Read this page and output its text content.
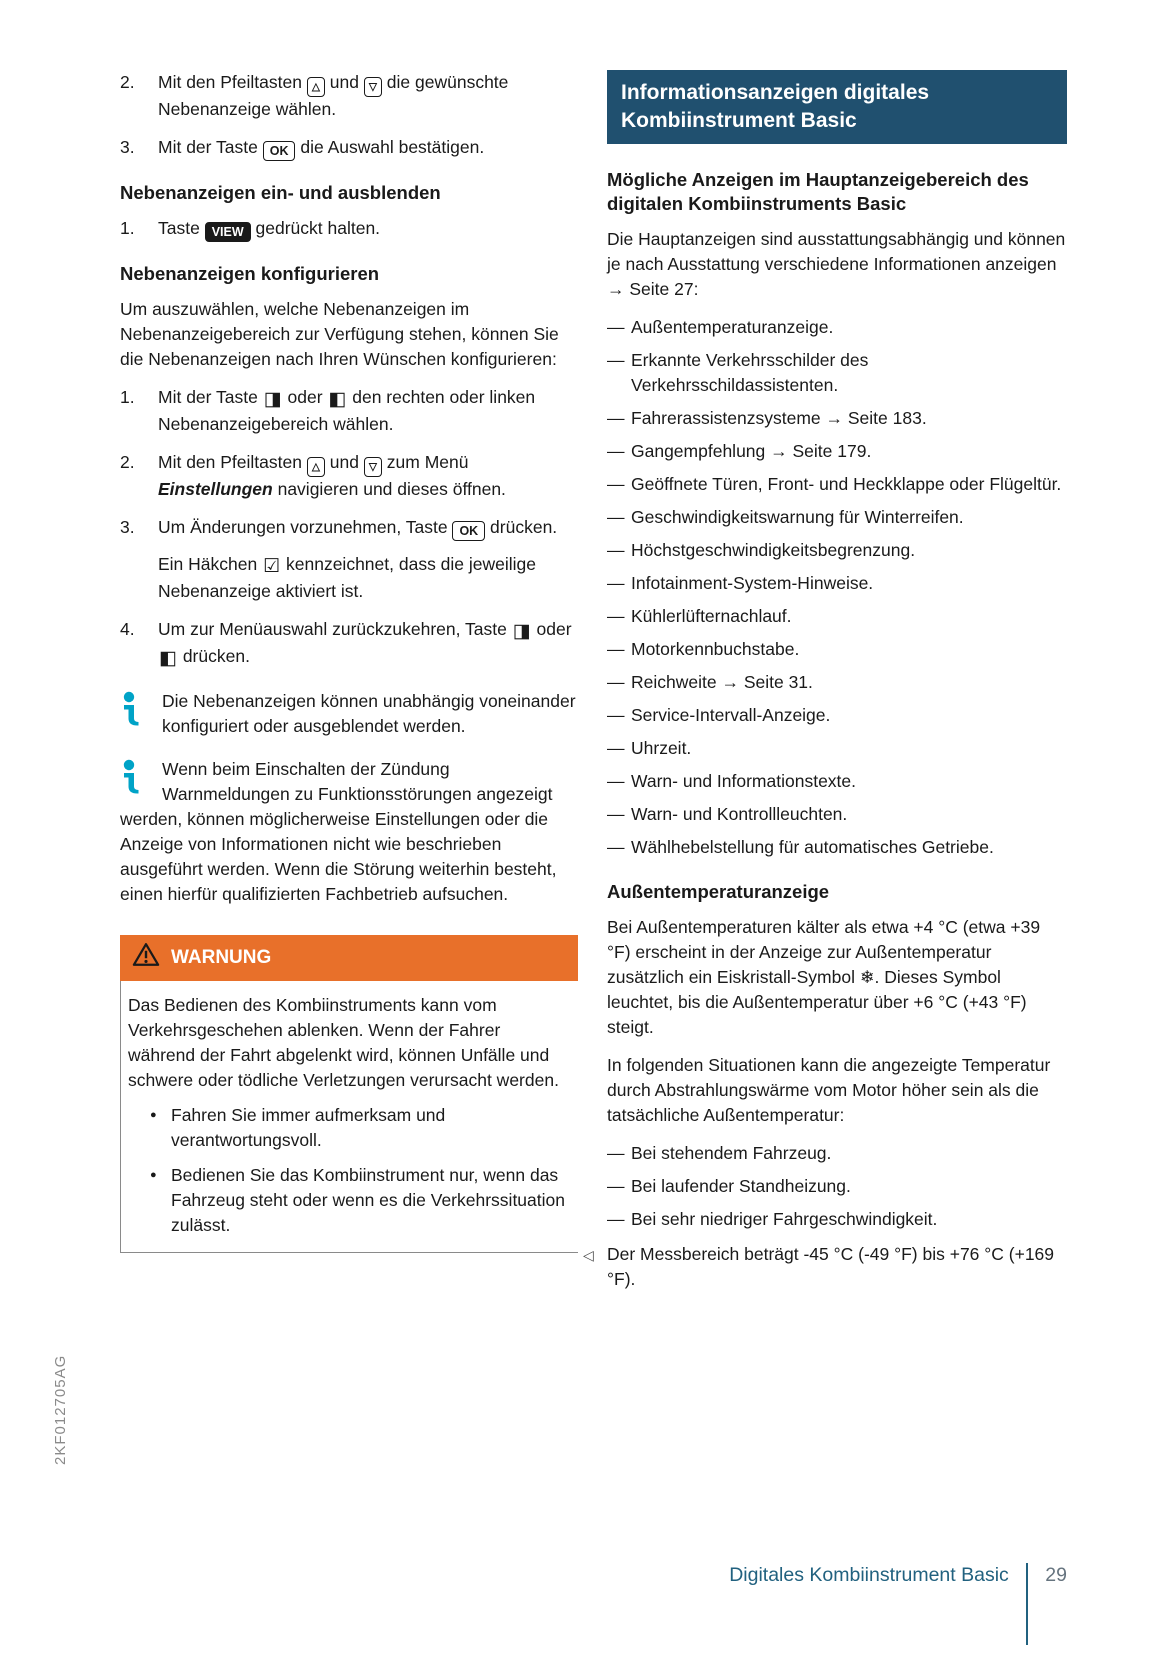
2.	Mit den Pfeiltasten △ und ▽ die gewünschte Nebenanzeige wählen.
3.	Mit der Taste OK die Auswahl bestätigen.
Nebenanzeigen ein- und ausblenden
1.	Taste VIEW gedrückt halten.
Nebenanzeigen konfigurieren

Um auszuwählen, welche Nebenanzeigen im Nebenanzeigebereich zur Verfügung stehen, können Sie die Nebenanzeigen nach Ihren Wünschen konfigurieren:

1.	Mit der Taste ◨ oder ◧ den rechten oder linken Nebenanzeigebereich wählen.
2.	Mit den Pfeiltasten △ und ▽ zum Menü Einstellungen navigieren und dieses öffnen.
3.	Um Änderungen vorzunehmen, Taste OK drücken.
Ein Häkchen ☑ kennzeichnet, dass die jeweilige Nebenanzeige aktiviert ist.
4.	Um zur Menüauswahl zurückzukehren, Taste ◨ oder ◧ drücken.
Die Nebenanzeigen können unabhängig voneinander konfiguriert oder ausgeblendet werden.
Wenn beim Einschalten der Zündung Warnmeldungen zu Funktionsstörungen angezeigt werden, können möglicherweise Einstellungen oder die Anzeige von Informationen nicht wie beschrieben ausgeführt werden. Wenn die Störung weiterhin besteht, einen hierfür qualifizierten Fachbetrieb aufsuchen.
WARNUNG

Das Bedienen des Kombiinstruments kann vom Verkehrsgeschehen ablenken. Wenn der Fahrer während der Fahrt abgelenkt wird, können Unfälle und schwere oder tödliche Verletzungen verursacht werden.

● Fahren Sie immer aufmerksam und verantwortungsvoll.
● Bedienen Sie das Kombiinstrument nur, wenn das Fahrzeug steht oder wenn es die Verkehrssituation zulässt.
Informationsanzeigen digitales Kombiinstrument Basic
Mögliche Anzeigen im Hauptanzeigebereich des digitalen Kombiinstruments Basic

Die Hauptanzeigen sind ausstattungsabhängig und können je nach Ausstattung verschiedene Informationen anzeigen → Seite 27:

— Außentemperaturanzeige.
— Erkannte Verkehrsschilder des Verkehrsschildassistenten.
— Fahrerassistenzsysteme → Seite 183.
— Gangempfehlung → Seite 179.
— Geöffnete Türen, Front- und Heckklappe oder Flügeltür.
— Geschwindigkeitswarnung für Winterreifen.
— Höchstgeschwindigkeitsbegrenzung.
— Infotainment-System-Hinweise.
— Kühlerlüfternachlauf.
— Motorkennbuchstabe.
— Reichweite → Seite 31.
— Service-Intervall-Anzeige.
— Uhrzeit.
— Warn- und Informationstexte.
— Warn- und Kontrollleuchten.
— Wählhebelstellung für automatisches Getriebe.
Außentemperaturanzeige

Bei Außentemperaturen kälter als etwa +4 °C (etwa +39 °F) erscheint in der Anzeige zur Außentemperatur zusätzlich ein Eiskristall-Symbol ❄. Dieses Symbol leuchtet, bis die Außentemperatur über +6 °C (+43 °F) steigt.

In folgenden Situationen kann die angezeigte Temperatur durch Abstrahlungswärme vom Motor höher sein als die tatsächliche Außentemperatur:

— Bei stehendem Fahrzeug.
— Bei laufender Standheizung.
— Bei sehr niedriger Fahrgeschwindigkeit.

◁ Der Messbereich beträgt -45 °C (-49 °F) bis +76 °C (+169 °F).

Digitales Kombiinstrument Basic 29
2KF012705AG
